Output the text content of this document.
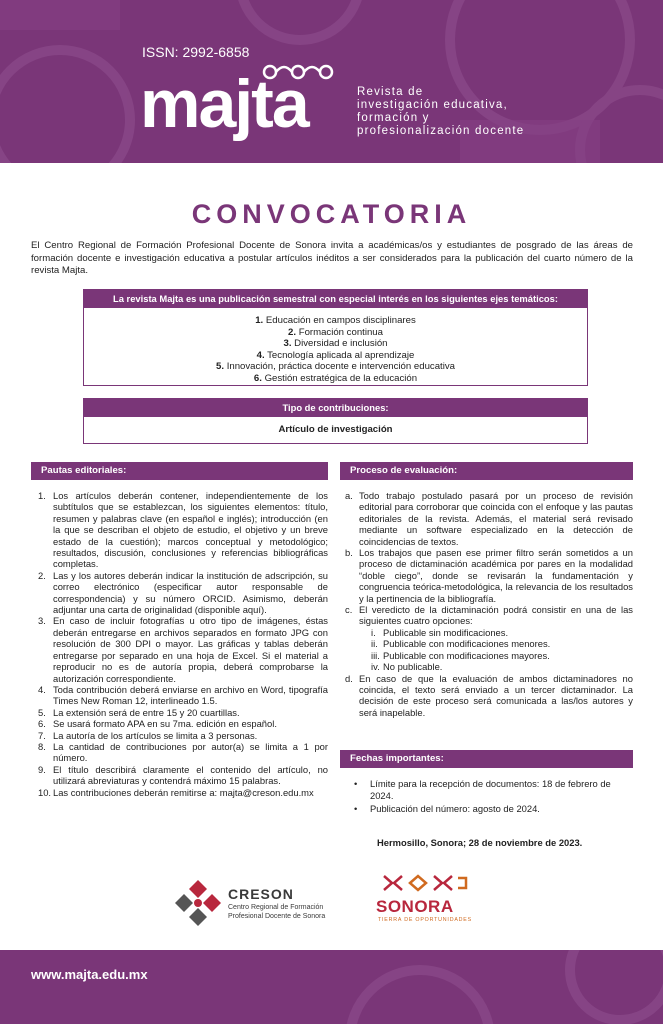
ISSN: 2992-6858
majta	Revista de
investigación educativa,
formación y
profesionalización docente
CONVOCATORIA

El Centro Regional de Formación Profesional Docente de Sonora invita a académicas/os y estudiantes de posgrado de las áreas de formación docente e investigación educativa a postular artículos inéditos a ser considerados para la publicación del cuarto número de la revista Majta.

La revista Majta es una publicación semestral con especial interés en los siguientes ejes temáticos:
1. Educación en campos disciplinares
2. Formación continua
3. Diversidad e inclusión
4. Tecnología aplicada al aprendizaje
5. Innovación, práctica docente e intervención educativa
6. Gestión estratégica de la educación
Tipo de contribuciones:
Artículo de investigación
Pautas editoriales:
1. Los artículos deberán contener, independientemente de los subtítulos que se establezcan, los siguientes elementos: título, resumen y palabras clave (en español e inglés); introducción (en la que se describan el objeto de estudio, el objetivo y un breve estado de la cuestión); marcos conceptual y metodológico; resultados, discusión, conclusiones y referencias bibliográficas completas.
2. Las y los autores deberán indicar la institución de adscripción, su correo electrónico (especificar autor responsable de correspondencia) y su número ORCID. Asimismo, deberán adjuntar una carta de originalidad (disponible aquí).
3. En caso de incluir fotografías u otro tipo de imágenes, éstas deberán entregarse en archivos separados en formato JPG con resolución de 300 DPI o mayor. Las gráficas y tablas deberán entregarse por separado en una hoja de Excel. Si el material a reproducir no es de autoría propia, deberá comprobarse la autorización correspondiente.
4. Toda contribución deberá enviarse en archivo en Word, tipografía Times New Roman 12, interlineado 1.5.
5. La extensión será de entre 15 y 20 cuartillas.
6. Se usará formato APA en su 7ma. edición en español.
7. La autoría de los artículos se limita a 3 personas.
8. La cantidad de contribuciones por autor(a) se limita a 1 por número.
9. El título describirá claramente el contenido del artículo, no utilizará abreviaturas y contendrá máximo 15 palabras.
10. Las contribuciones deberán remitirse a: majta@creson.edu.mx
Proceso de evaluación:
a. Todo trabajo postulado pasará por un proceso de revisión editorial para corroborar que coincida con el enfoque y las pautas editoriales de la revista. Además, el material será revisado mediante un software especializado en la detección de coincidencias de textos.
b. Los trabajos que pasen ese primer filtro serán sometidos a un proceso de dictaminación académica por pares en la modalidad “doble ciego”, donde se revisarán la fundamentación y congruencia teórica-metodológica, la relevancia de los resultados y la pertinencia de la bibliografía.
c. El veredicto de la dictaminación podrá consistir en una de las siguientes cuatro opciones:
i. Publicable sin modificaciones.
ii. Publicable con modificaciones menores.
iii. Publicable con modificaciones mayores.
iv. No publicable.
d. En caso de que la evaluación de ambos dictaminadores no coincida, el texto será enviado a un tercer dictaminador. La decisión de este proceso será comunicada a las/los autores y será inapelable.
Fechas importantes:
• Límite para la recepción de documentos: 18 de febrero de 2024.
• Publicación del número: agosto de 2024.
Hermosillo, Sonora; 28 de noviembre de 2023.
CRESON
Centro Regional de Formación
Profesional Docente de Sonora
SONORA
TIERRA DE OPORTUNIDADES
www.majta.edu.mx
